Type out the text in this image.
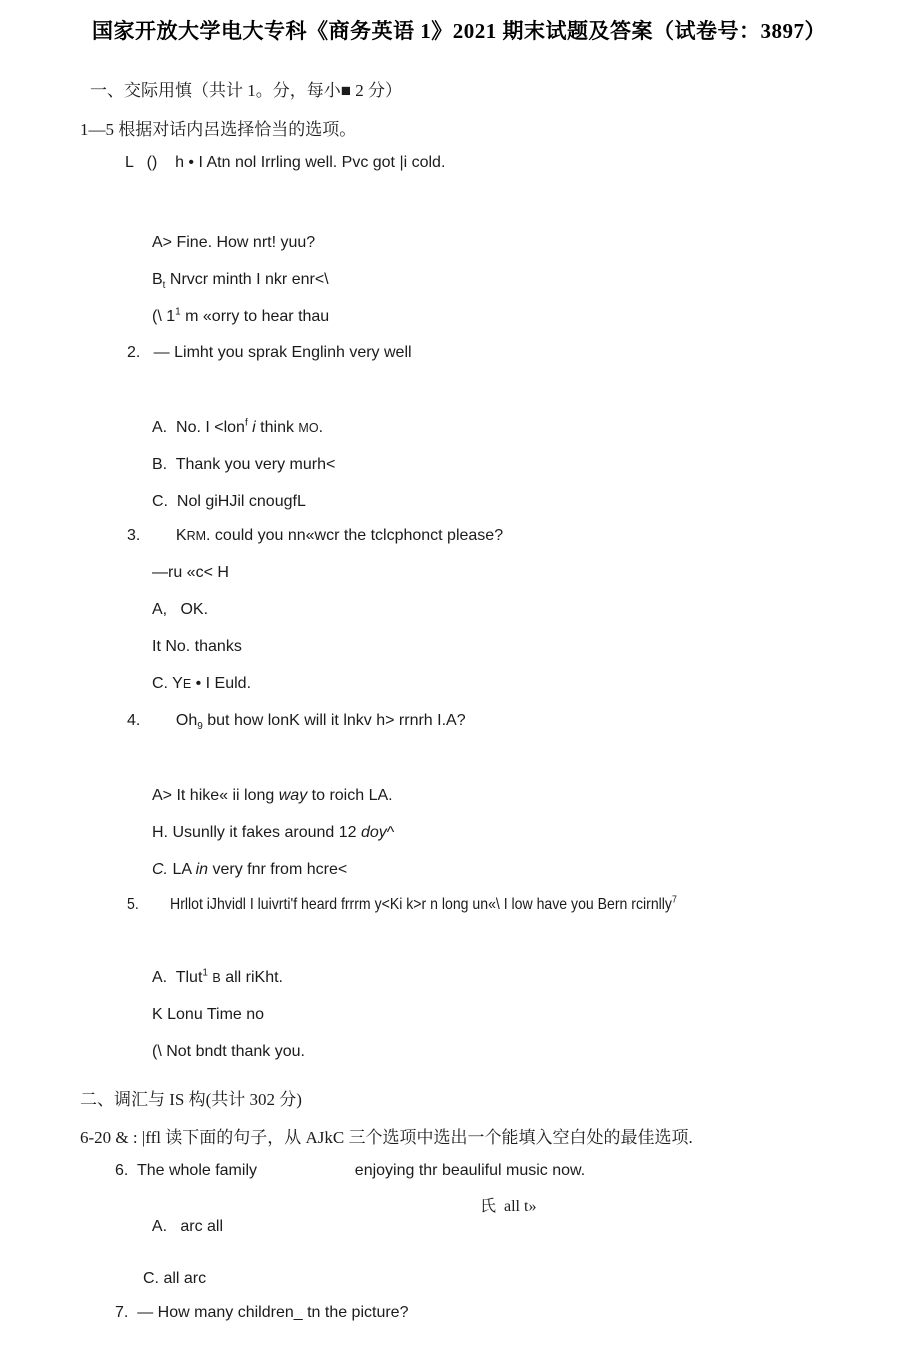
国家开放大学电大专科《商务英语 1》2021 期末试题及答案（试卷号：3897）
一、交际用慎（共计 1。分，每小■ 2 分）
1—5 根据对话内呂选择恰当的选项。
L   ()    h • I Atn nol Irrling well. Pvc got |i cold.
A> Fine. How nrt! yuu?
$B_t$ Nrvcr minth I nkr enr<\
(\ $1^1$ m «orry to hear thau
2.   — Limht you sprak Englinh very well
A.  No. I <lon$^f$ i think MO.
B.  Thank you very murh<
C.  Nol giHJil cnougfL
3.        KRM. could you nn«wcr the tclcphonct please?
—ru «c< H
A,   OK.
It No. thanks
C. YE • I Euld.
4.        $Oh_9$ but how lonK will it lnkv h> rrnrh I.A?
A> It hike« ii long way to roich LA.
H. Usunlly it fakes around 12 doy^
C. LA in very fnr from hcre<
5.        Hrllot iJhvidl I luivrti'f heard frrrm y<Ki k>r n long un«\ I low have you Bern rcirnlly$^7$
A.  Tlut$^1$ B all riKht.
K Lonu Time no
(\ Not bndt thank you.
二、调汇与 IS 构(共计 302 分)
6-20 & : |ffl 读下面的句子，从 AJkC 三个选项中选出一个能填入空白处的最佳选项.
6.  The whole family                      enjoying thr beauliful music now.

A.   arc all

氏  all t»

C. all arc
7.  — How many children_ tn the picture?
